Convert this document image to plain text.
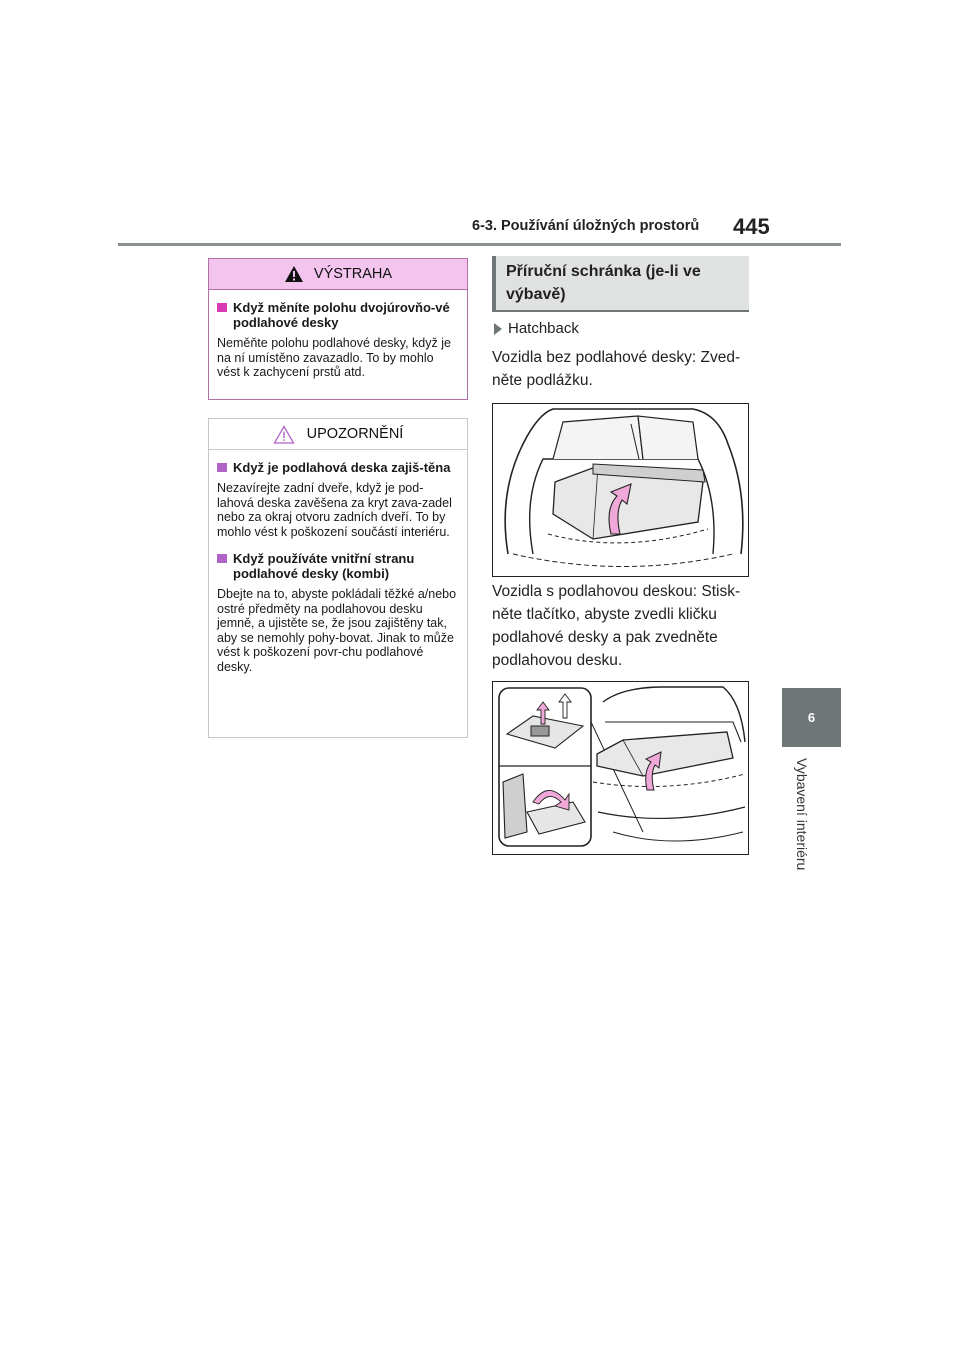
6-3. Používání úložných prostorů 445
6
Vybavení interiéru
VÝSTRAHA
Když měníte polohu dvojúrovňo-vé podlahové desky
Neměňte polohu podlahové desky, když je na ní umístěno zavazadlo. To by mohlo vést k zachycení prstů atd.
UPOZORNĚNÍ
Když je podlahová deska zajiš-těna
Nezavírejte zadní dveře, když je pod-lahová deska zavěšena za kryt zava-zadel nebo za okraj otvoru zadních dveří. To by mohlo vést k poškození součástí interiéru.
Když používáte vnitřní stranu podlahové desky (kombi)
Dbejte na to, abyste pokládali těžké a/nebo ostré předměty na podlahovou desku jemně, a ujistěte se, že jsou zajištěny tak, aby se nemohly pohy-bovat. Jinak to může vést k poškození povr-chu podlahové desky.
Příruční schránka (je-li ve výbavě)
Hatchback
Vozidla bez podlahové desky: Zved-něte podlážku.
Vozidla s podlahovou deskou: Stisk-něte tlačítko, abyste zvedli kličku podlahové desky a pak zvedněte podlahovou desku.
